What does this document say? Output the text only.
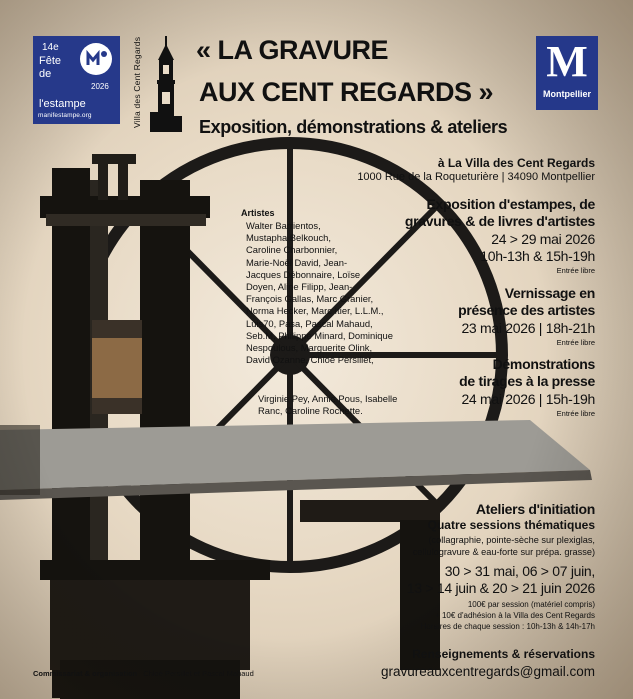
14e
Fête
de
2026
l'estampe
manifestampe.org	Villa des Cent Regards	« LA GRAVURE
AUX CENT REGARDS »
Exposition, démonstrations & ateliers
M
Montpellier
à La Villa des Cent Regards
1000 Rue de la Roqueturière | 34090 Montpellier
Exposition d'estampes, de
gravures & de livres d'artistes
24 > 29 mai 2026
10h-13h & 15h-19h
Entrée libre
Vernissage en
présence des artistes
23 mai 2026 | 18h-21h
Entrée libre
Démonstrations
de tirages à la presse
24 mai 2026 | 15h-19h
Entrée libre
Artistes
Walter Barrientos,
Mustapha Belkouch,
Caroline Charbonnier,
Marie-Noël David, Jean-
Jacques Débonnaire, Loïse
Doyen, Aline Filipp, Jean-
François Gallas, Marc Granier,
Norma Hecker, Marc Itier, L.L.M.,
Luis70, Pasa, Pascal Mahaud,
Seb.M, Philippe Minard, Dominique
Nespoulous, Marguerite Olink,
David Ozanne, Chloé Persillet,
Virginie Pey, Annie Pous, Isabelle
Ranc, Caroline Rochette.
Ateliers d'initiation
Quatre sessions thématiques
(collagraphie, pointe-sèche sur plexiglas,
cellulogravure & eau-forte sur prépa. grasse)
30 > 31 mai, 06 > 07 juin,
13 > 14 juin & 20 > 21 juin 2026
100€ par session (matériel compris)
+ 10€ d'adhésion à la Villa des Cent Regards
Horaires de chaque session : 10h-13h & 14h-17h
Renseignements & réservations
gravureauxcentregards@gmail.com
Commissariat & organisation Chloé Persillet et Pascal Mahaud
